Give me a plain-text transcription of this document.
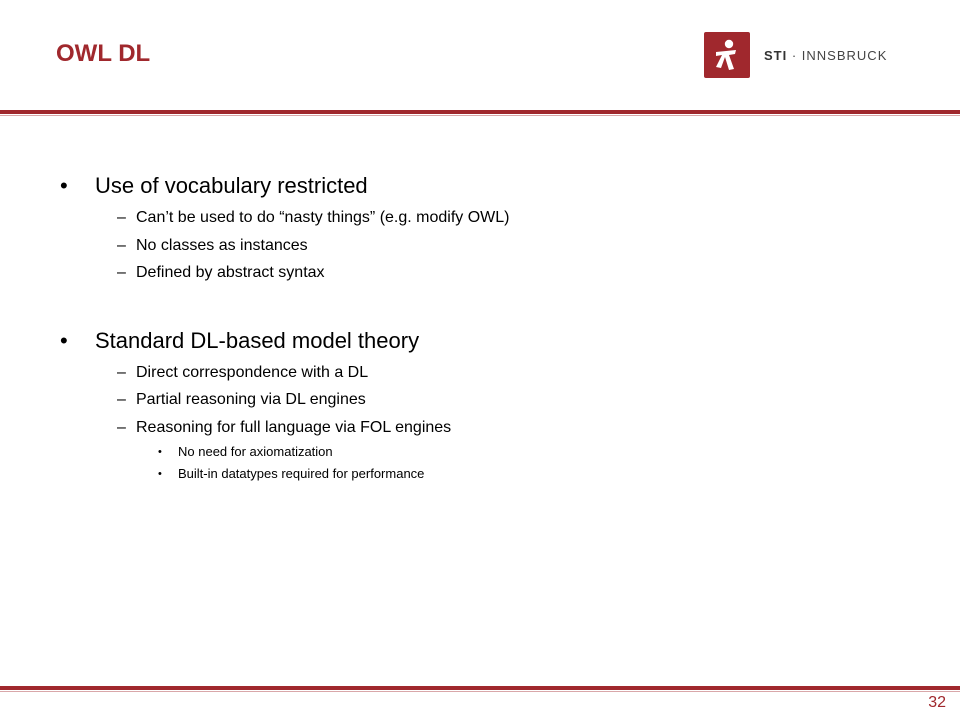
OWL DL	STI · INNSBRUCK
• Use of vocabulary restricted
– Can’t be used to do “nasty things” (e.g. modify OWL)
– No classes as instances
– Defined by abstract syntax
• Standard DL-based model theory
– Direct correspondence with a DL
– Partial reasoning via DL engines
– Reasoning for full language via FOL engines
• No need for axiomatization
• Built-in datatypes required for performance
32
